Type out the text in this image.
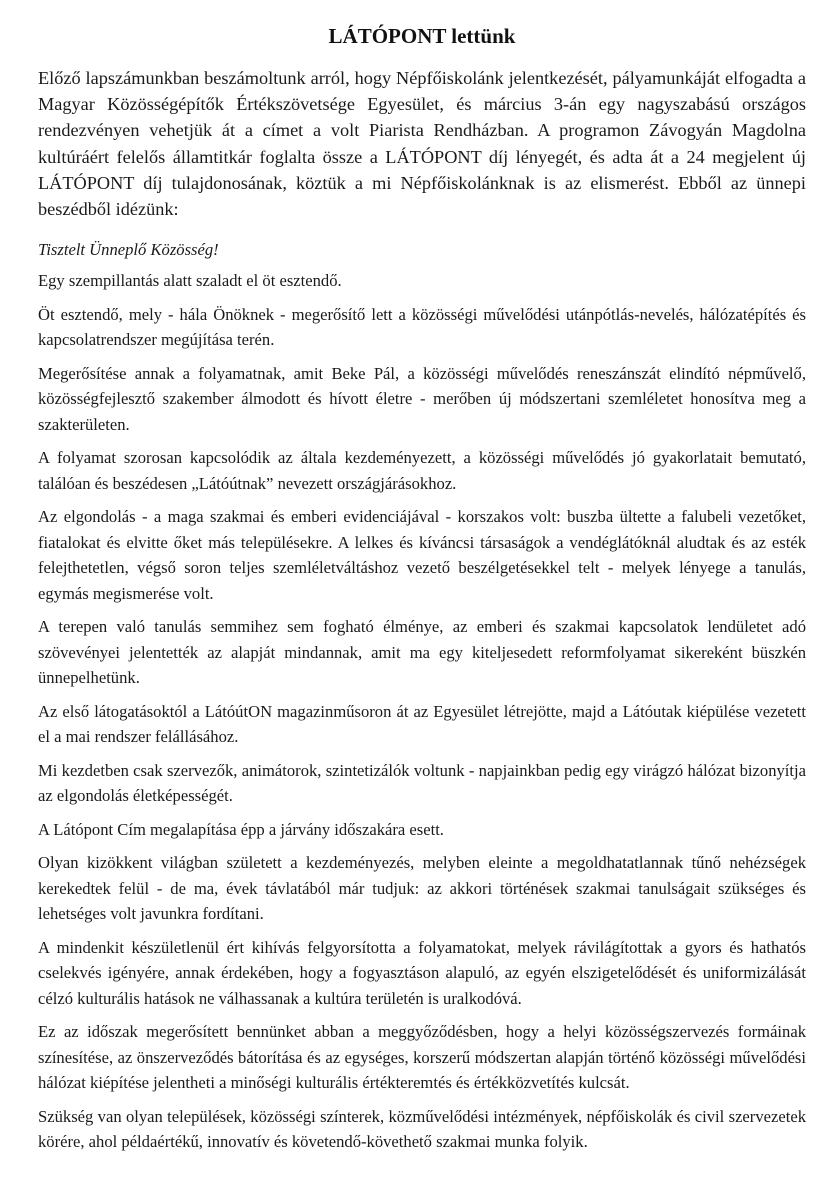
LÁTÓPONT lettünk

Előző lapszámunkban beszámoltunk arról, hogy Népfőiskolánk jelentkezését, pályamunkáját elfogadta a Magyar Közösségépítők Értékszövetsége Egyesület, és március 3-án egy nagyszabású országos rendezvényen vehetjük át a címet a volt Piarista Rendházban. A programon Závogyán Magdolna kultúráért felelős államtitkár foglalta össze a LÁTÓPONT díj lényegét, és adta át a 24 megjelent új LÁTÓPONT díj tulajdonosának, köztük a mi Népfőiskolánknak is az elismerést. Ebből az ünnepi beszédből idézünk:

Tisztelt Ünneplő Közösség!

Egy szempillantás alatt szaladt el öt esztendő.

Öt esztendő, mely - hála Önöknek - megerősítő lett a közösségi művelődési utánpótlás-nevelés, hálózatépítés és kapcsolatrendszer megújítása terén.

Megerősítése annak a folyamatnak, amit Beke Pál, a közösségi művelődés reneszánszát elindító népművelő, közösségfejlesztő szakember álmodott és hívott életre - merőben új módszertani szemléletet honosítva meg a szakterületen.

A folyamat szorosan kapcsolódik az általa kezdeményezett, a közösségi művelődés jó gyakorlatait bemutató, találóan és beszédesen „Látóútnak” nevezett országjárásokhoz.

Az elgondolás - a maga szakmai és emberi evidenciájával - korszakos volt: buszba ültette a falubeli vezetőket, fiatalokat és elvitte őket más településekre. A lelkes és kíváncsi társaságok a vendéglátóknál aludtak és az esték felejthetetlen, végső soron teljes szemléletváltáshoz vezető beszélgetésekkel telt - melyek lényege a tanulás, egymás megismerése volt.

A terepen való tanulás semmihez sem fogható élménye, az emberi és szakmai kapcsolatok lendületet adó szövevényei jelentették az alapját mindannak, amit ma egy kiteljesedett reformfolyamat sikereként büszkén ünnepelhetünk.

Az első látogatásoktól a LátóútON magazinműsoron át az Egyesület létrejötte, majd a Látóutak kiépülése vezetett el a mai rendszer felállásához.

Mi kezdetben csak szervezők, animátorok, szintetizálók voltunk - napjainkban pedig egy virágzó hálózat bizonyítja az elgondolás életképességét.

A Látópont Cím megalapítása épp a járvány időszakára esett.

Olyan kizökkent világban született a kezdeményezés, melyben eleinte a megoldhatatlannak tűnő nehézségek kerekedtek felül - de ma, évek távlatából már tudjuk: az akkori történések szakmai tanulságait szükséges és lehetséges volt javunkra fordítani.

A mindenkit készületlenül ért kihívás felgyorsította a folyamatokat, melyek rávilágítottak a gyors és hathatós cselekvés igényére, annak érdekében, hogy a fogyasztáson alapuló, az egyén elszigetelődését és uniformizálását célzó kulturális hatások ne válhassanak a kultúra területén is uralkodóvá.

Ez az időszak megerősített bennünket abban a meggyőződésben, hogy a helyi közösségszervezés formáinak színesítése, az önszerveződés bátorítása és az egységes, korszerű módszertan alapján történő közösségi művelődési hálózat kiépítése jelentheti a minőségi kulturális értékteremtés és értékközvetítés kulcsát.

Szükség van olyan települések, közösségi színterek, közművelődési intézmények, népfőiskolák és civil szervezetek körére, ahol példaértékű, innovatív és követendő-követhető szakmai munka folyik.
